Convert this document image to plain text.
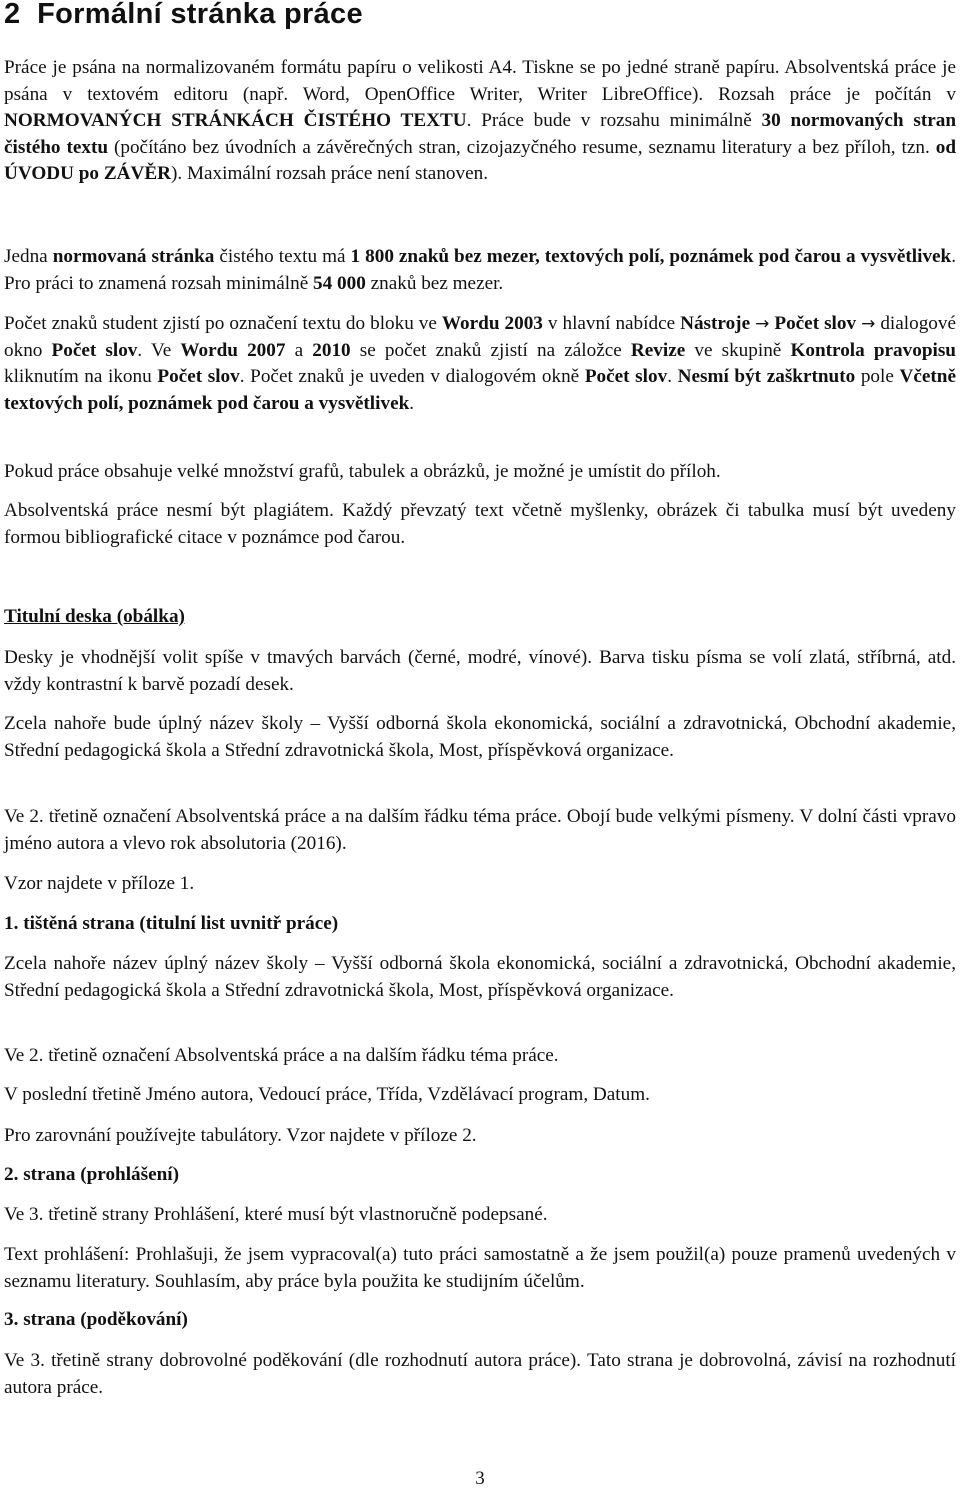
2 Formální stránka práce

Práce je psána na normalizovaném formátu papíru o velikosti A4. Tiskne se po jedné straně papíru. Absolventská práce je psána v textovém editoru (např. Word, OpenOffice Writer, Writer LibreOffice). Rozsah práce je počítán v NORMOVANÝCH STRÁNKÁCH ČISTÉHO TEXTU. Práce bude v rozsahu minimálně 30 normovaných stran čistého textu (počítáno bez úvodních a závěrečných stran, cizojazyčného resume, seznamu literatury a bez příloh, tzn. od ÚVODU po ZÁVĚR). Maximální rozsah práce není stanoven.

Jedna normovaná stránka čistého textu má 1 800 znaků bez mezer, textových polí, poznámek pod čarou a vysvětlivek. Pro práci to znamená rozsah minimálně 54 000 znaků bez mezer.

Počet znaků student zjistí po označení textu do bloku ve Wordu 2003 v hlavní nabídce Nástroje → Počet slov → dialogové okno Počet slov. Ve Wordu 2007 a 2010 se počet znaků zjistí na záložce Revize ve skupině Kontrola pravopisu kliknutím na ikonu Počet slov. Počet znaků je uveden v dialogovém okně Počet slov. Nesmí být zaškrtnuto pole Včetně textových polí, poznámek pod čarou a vysvětlivek.

Pokud práce obsahuje velké množství grafů, tabulek a obrázků, je možné je umístit do příloh.

Absolventská práce nesmí být plagiátem. Každý převzatý text včetně myšlenky, obrázek či tabulka musí být uvedeny formou bibliografické citace v poznámce pod čarou.

Titulní deska (obálka)

Desky je vhodnější volit spíše v tmavých barvách (černé, modré, vínové). Barva tisku písma se volí zlatá, stříbrná, atd. vždy kontrastní k barvě pozadí desek.

Zcela nahoře bude úplný název školy – Vyšší odborná škola ekonomická, sociální a zdravotnická, Obchodní akademie, Střední pedagogická škola a Střední zdravotnická škola, Most, příspěvková organizace.

Ve 2. třetině označení Absolventská práce a na dalším řádku téma práce. Obojí bude velkými písmeny. V dolní části vpravo jméno autora a vlevo rok absolutoria (2016).

Vzor najdete v příloze 1.

1. tištěná strana (titulní list uvnitř práce)

Zcela nahoře název úplný název školy – Vyšší odborná škola ekonomická, sociální a zdravotnická, Obchodní akademie, Střední pedagogická škola a Střední zdravotnická škola, Most, příspěvková organizace.

Ve 2. třetině označení Absolventská práce a na dalším řádku téma práce.

V poslední třetině Jméno autora, Vedoucí práce, Třída, Vzdělávací program, Datum.

Pro zarovnání používejte tabulátory. Vzor najdete v příloze 2.

2. strana (prohlášení)

Ve 3. třetině strany Prohlášení, které musí být vlastnoručně podepsané.

Text prohlášení: Prohlašuji, že jsem vypracoval(a) tuto práci samostatně a že jsem použil(a) pouze pramenů uvedených v seznamu literatury. Souhlasím, aby práce byla použita ke studijním účelům.

3. strana (poděkování)

Ve 3. třetině strany dobrovolné poděkování (dle rozhodnutí autora práce). Tato strana je dobrovolná, závisí na rozhodnutí autora práce.

3
